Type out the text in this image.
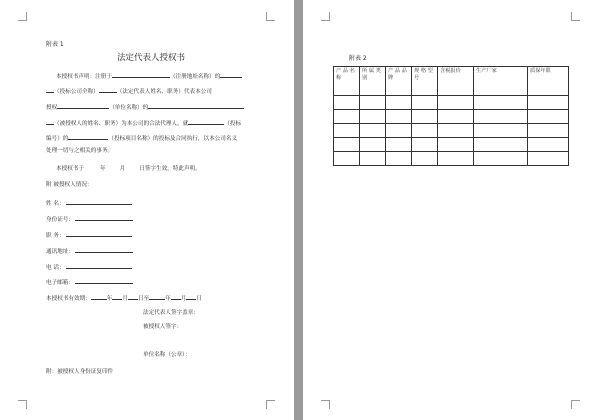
附表 1
法定代表人授权书
本授权书声明：注册于	（注册地址名称）的
（投标公司全称）	（法定代表人姓名、职务）代表本公司
授权	（单位名称）的
（被授权人的姓名、职务）为本公司的合法代理人，就	（投标
编号）的	（投标项目名称）的投标及合同执行，以本公司名义
处理一切与之相关的事务。
本授权书于	年	月	日签字生效，特此声明。
附 被授权人情况：
姓 名：
身份证号：
职 务：
通讯地址：
电 话：
电子邮箱：
本授权书有效期：	年 月 日至	年 月 日
法定代表人签字盖章：
被授权人签字：
单位名称（公章）：
附：被授权人身份证复印件
附表 2
产 品 名 称	所 属 类 别	产 品 品 牌	规 格 型 号	含税报价	生产厂家	质保年限
